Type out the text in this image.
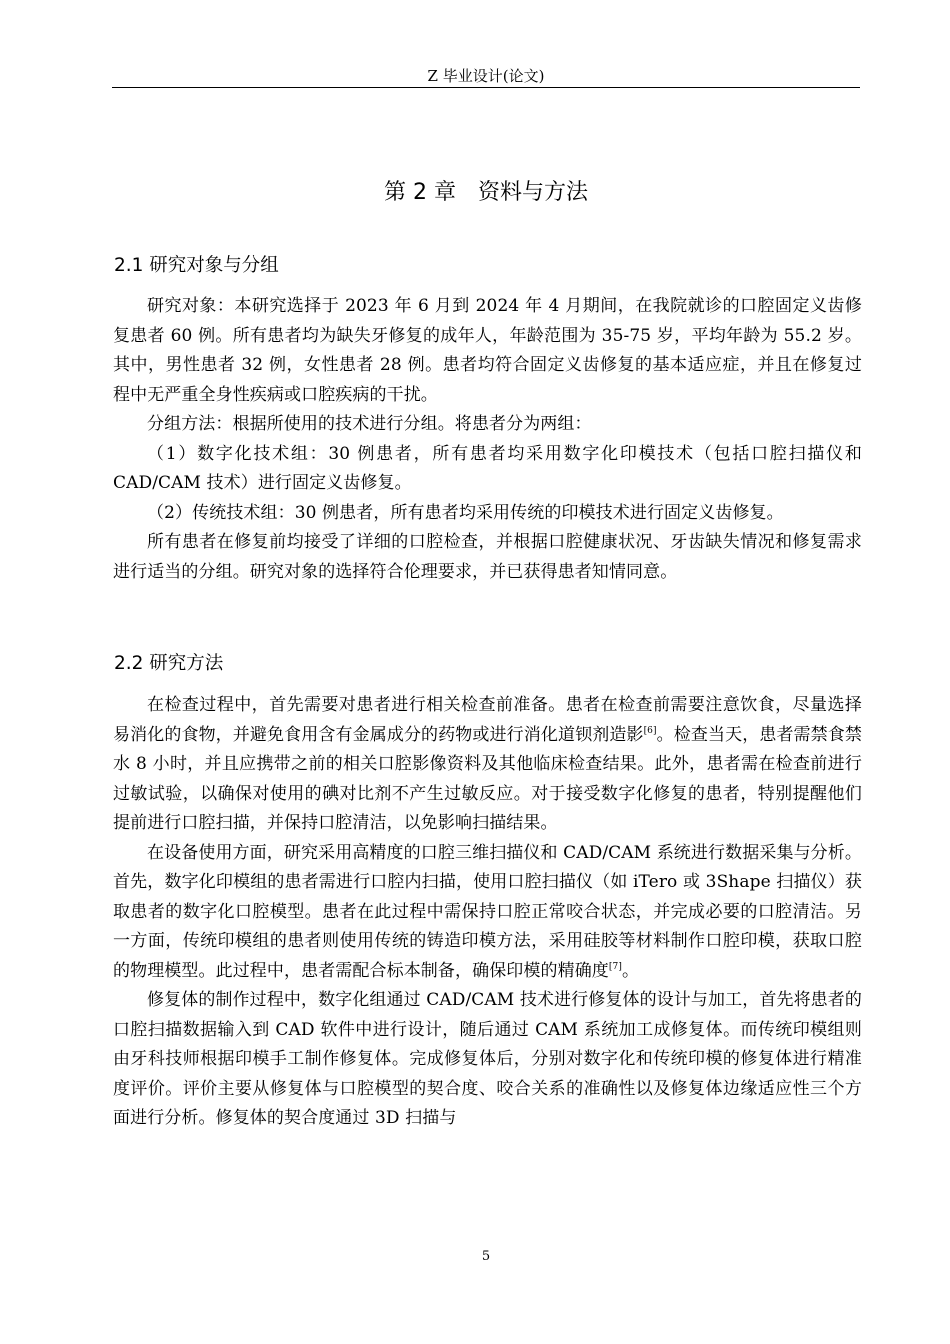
Z 毕业设计(论文)
第 2 章　资料与方法
2.1 研究对象与分组

研究对象：本研究选择于 2023 年 6 月到 2024 年 4 月期间，在我院就诊的口腔固定义齿修复患者 60 例。所有患者均为缺失牙修复的成年人，年龄范围为 35-75 岁，平均年龄为 55.2 岁。其中，男性患者 32 例，女性患者 28 例。患者均符合固定义齿修复的基本适应症，并且在修复过程中无严重全身性疾病或口腔疾病的干扰。

分组方法：根据所使用的技术进行分组。将患者分为两组：

（1）数字化技术组：30 例患者，所有患者均采用数字化印模技术（包括口腔扫描仪和 CAD/CAM 技术）进行固定义齿修复。

（2）传统技术组：30 例患者，所有患者均采用传统的印模技术进行固定义齿修复。

所有患者在修复前均接受了详细的口腔检查，并根据口腔健康状况、牙齿缺失情况和修复需求进行适当的分组。研究对象的选择符合伦理要求，并已获得患者知情同意。

2.2 研究方法

在检查过程中，首先需要对患者进行相关检查前准备。患者在检查前需要注意饮食，尽量选择易消化的食物，并避免食用含有金属成分的药物或进行消化道钡剂造影[6]。检查当天，患者需禁食禁水 8 小时，并且应携带之前的相关口腔影像资料及其他临床检查结果。此外，患者需在检查前进行过敏试验，以确保对使用的碘对比剂不产生过敏反应。对于接受数字化修复的患者，特别提醒他们提前进行口腔扫描，并保持口腔清洁，以免影响扫描结果。

在设备使用方面，研究采用高精度的口腔三维扫描仪和 CAD/CAM 系统进行数据采集与分析。首先，数字化印模组的患者需进行口腔内扫描，使用口腔扫描仪（如 iTero 或 3Shape 扫描仪）获取患者的数字化口腔模型。患者在此过程中需保持口腔正常咬合状态，并完成必要的口腔清洁。另一方面，传统印模组的患者则使用传统的铸造印模方法，采用硅胶等材料制作口腔印模，获取口腔的物理模型。此过程中，患者需配合标本制备，确保印模的精确度[7]。

修复体的制作过程中，数字化组通过 CAD/CAM 技术进行修复体的设计与加工，首先将患者的口腔扫描数据输入到 CAD 软件中进行设计，随后通过 CAM 系统加工成修复体。而传统印模组则由牙科技师根据印模手工制作修复体。完成修复体后，分别对数字化和传统印模的修复体进行精准度评价。评价主要从修复体与口腔模型的契合度、咬合关系的准确性以及修复体边缘适应性三个方面进行分析。修复体的契合度通过 3D 扫描与

5
